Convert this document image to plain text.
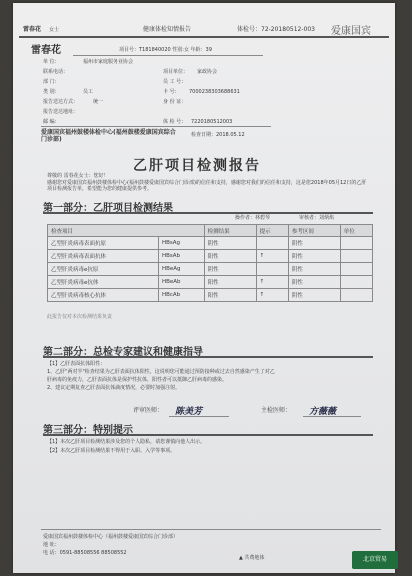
雷春花 女士	健康体检知情报告	体检号：72-20180512-003 爱康国宾
雷春花	项目号：T181840020 性别:女 年龄：39
单 位：	福州市家庭服务业协会
联系电话：
部 门：
类 别：	员工
报告送达方式：	统一
报告送达地址：
邮 编：
项目单位： 家政协会
员 工 号：
卡 号： 7000238303688631
身 份 证：
体 检 号： 7220180512003
爱康国宾福州鼓楼体检中心(福州鼓楼爱康国宾综合门诊部)
检查日期：2018.05.12
乙肝项目检测报告
尊敬的 雷春花女士：您好！
感谢您对爱康国宾福州鼓楼体检中心(福州鼓楼爱康国宾综合门诊部)的信任和支持，感谢您对我们的信任和支持，这是您2018年05月12日的乙肝项目检测报告单，希望能为您的健康提供参考。
第一部分：乙肝项目检测结果
操作者：林碧琴	审核者：刘炳焰
检查项目		检测结果	提示	参考区间	单位
乙型肝炎病毒表面抗原	HBsAg	阴性		阴性	
乙型肝炎病毒表面抗体	HBsAb	阳性	↑	阴性	
乙型肝炎病毒e抗原	HBeAg	阴性		阴性	
乙型肝炎病毒e抗体	HBeAb	阳性	↑	阴性	
乙型肝炎病毒核心抗体	HBcAb	阳性	↑	阴性	
此报告仅对本次检测结果负责
第二部分：总检专家建议和健康指导
【1】乙肝表面抗体阳性：
1、乙肝"两对半"检查结果为乙肝表面抗体阳性，这说明您可能通过预防接种或过去自然感染产生了对乙
肝病毒的免疫力，乙肝表面抗体是保护性抗体，阳性者可以抵御乙肝病毒的感染。
2、建议定期复查乙肝表面抗体滴度情况，必要时加强注射。
评审医师： 陈美芳	主检医师： 方薇薇
第三部分：特别提示
【1】本次乙肝项目检测结果涉及您的个人隐私，请您谨慎向他人出示。
【2】本次乙肝项目检测结果不得用于入职、入学等事项。
爱康国宾福州鼓楼体检中心（福州鼓楼爱康国宾综合门诊部）
地 址：
电 话：0591-88508556 88508552
▲ 共费地体	北京贸易
